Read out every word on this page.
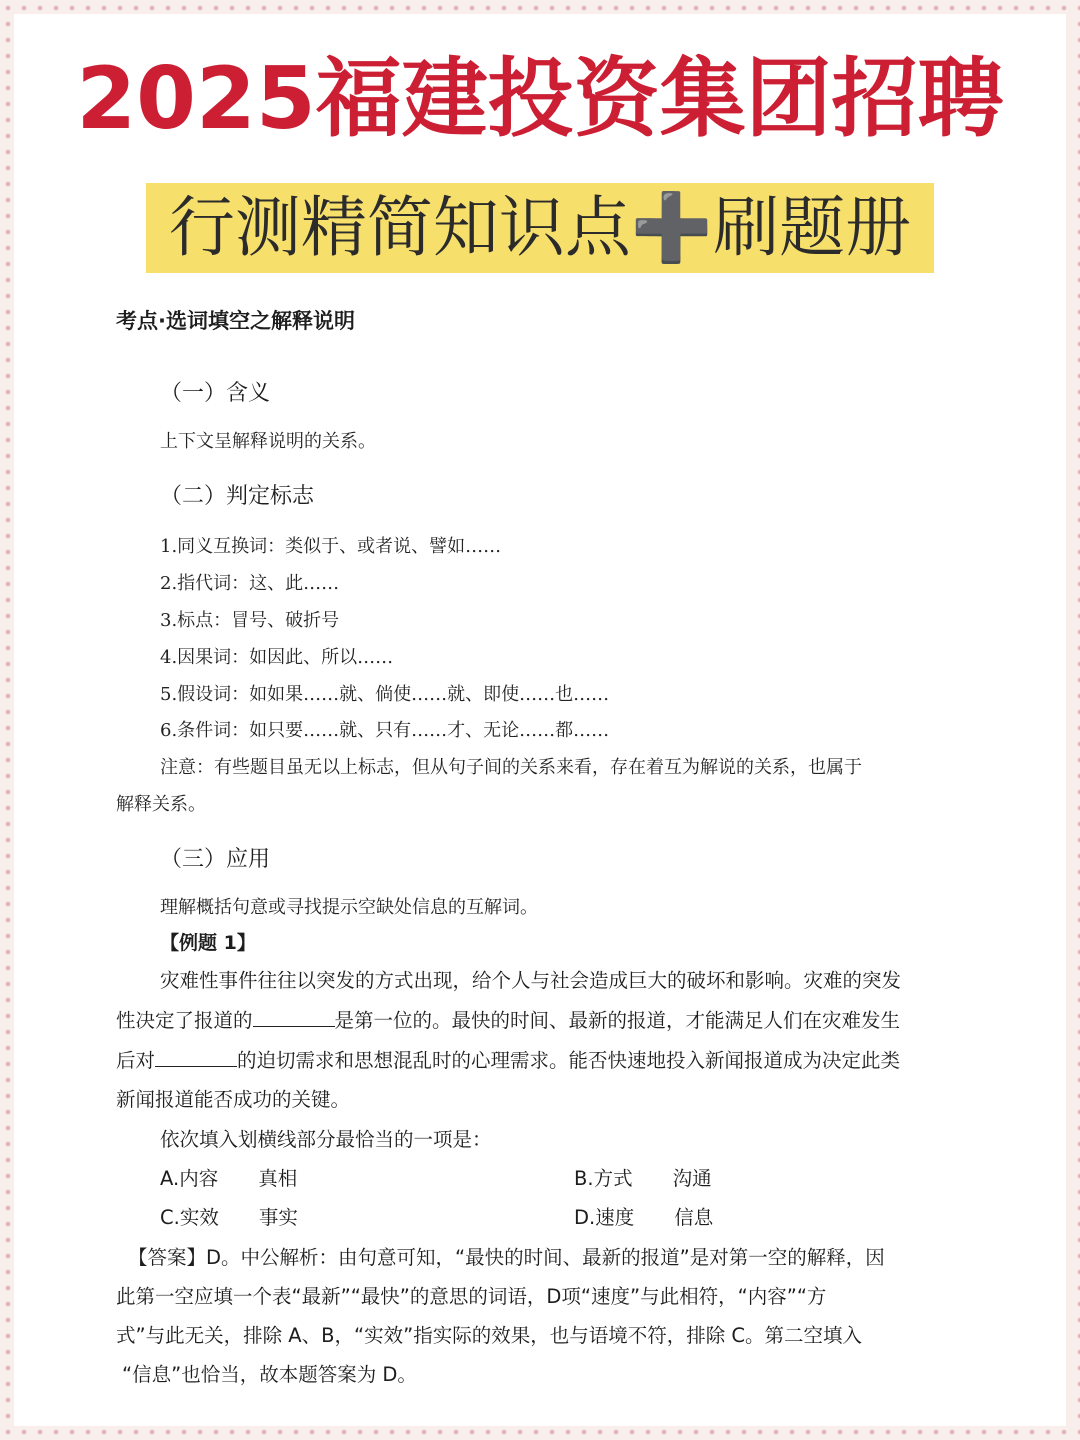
2025福建投资集团招聘
行测精简知识点➕刷题册
考点·选词填空之解释说明
（一）含义
上下文呈解释说明的关系。
（二）判定标志
1.同义互换词：类似于、或者说、譬如……
2.指代词：这、此……
3.标点：冒号、破折号
4.因果词：如因此、所以……
5.假设词：如如果……就、倘使……就、即使……也……
6.条件词：如只要……就、只有……才、无论……都……
注意：有些题目虽无以上标志，但从句子间的关系来看，存在着互为解说的关系，也属于
解释关系。
（三）应用
理解概括句意或寻找提示空缺处信息的互解词。
【例题 1】
灾难性事件往往以突发的方式出现，给个人与社会造成巨大的破坏和影响。灾难的突发
性决定了报道的	是第一位的。最快的时间、最新的报道，才能满足人们在灾难发生
后对	的迫切需求和思想混乱时的心理需求。能否快速地投入新闻报道成为决定此类
新闻报道能否成功的关键。
依次填入划横线部分最恰当的一项是：
A.内容 真相	B.方式 沟通
C.实效 事实	D.速度 信息
【答案】D。中公解析：由句意可知，“最快的时间、最新的报道”是对第一空的解释，因
此第一空应填一个表“最新”“最快”的意思的词语，D项“速度”与此相符，“内容”“方
式”与此无关，排除 A、B，“实效”指实际的效果，也与语境不符，排除 C。第二空填入
“信息”也恰当，故本题答案为 D。
